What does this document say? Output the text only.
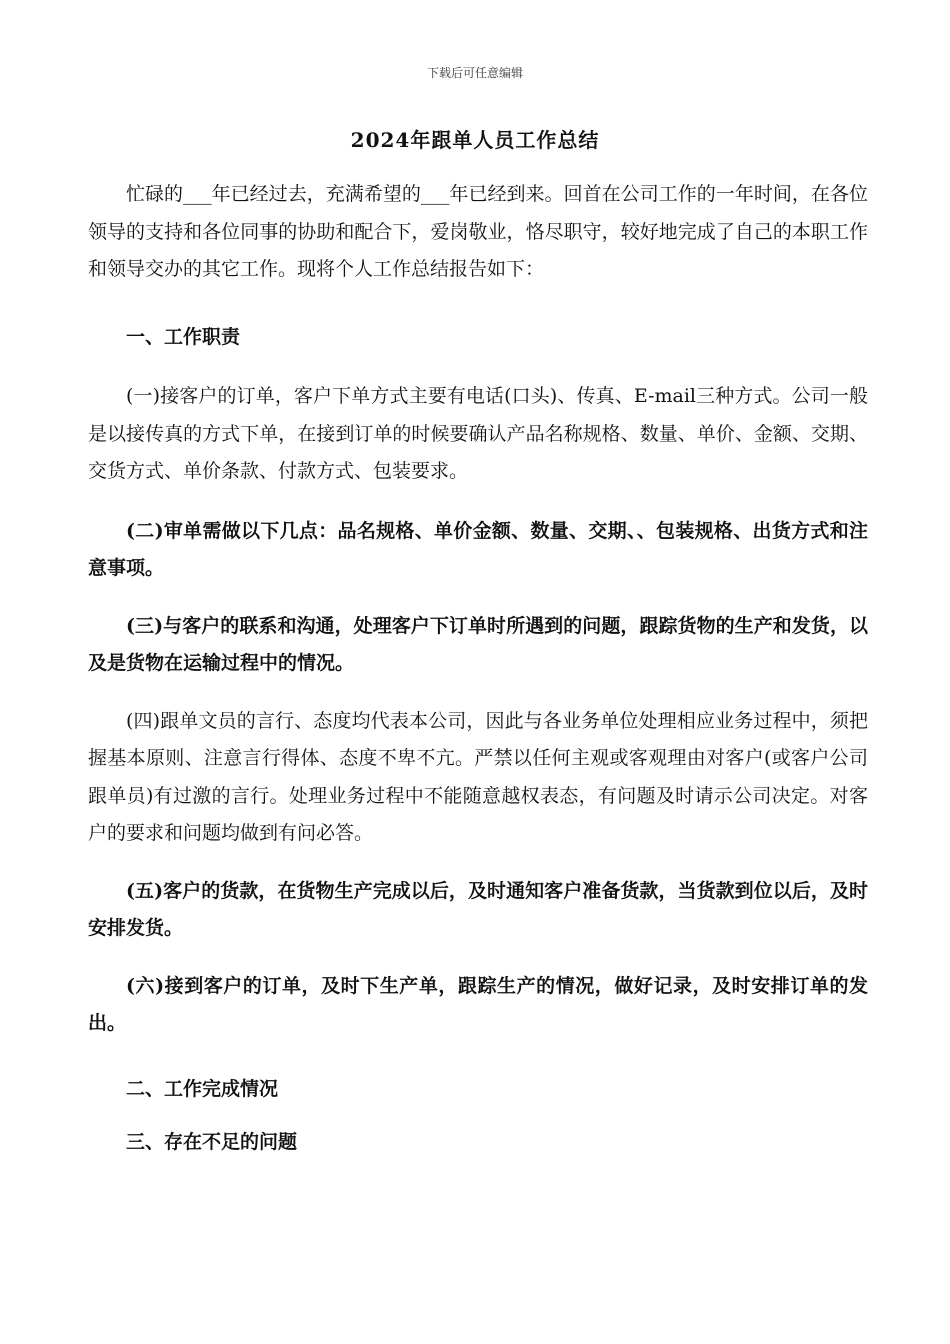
下载后可任意编辑
2024年跟单人员工作总结

忙碌的___年已经过去，充满希望的___年已经到来。回首在公司工作的一年时间，在各位领导的支持和各位同事的协助和配合下，爱岗敬业，恪尽职守，较好地完成了自己的本职工作和领导交办的其它工作。现将个人工作总结报告如下：

一、工作职责

(一)接客户的订单，客户下单方式主要有电话(口头)、传真、E-mail三种方式。公司一般是以接传真的方式下单，在接到订单的时候要确认产品名称规格、数量、单价、金额、交期、交货方式、单价条款、付款方式、包装要求。

(二)审单需做以下几点：品名规格、单价金额、数量、交期、、包装规格、出货方式和注意事项。

(三)与客户的联系和沟通，处理客户下订单时所遇到的问题，跟踪货物的生产和发货，以及是货物在运输过程中的情况。

(四)跟单文员的言行、态度均代表本公司，因此与各业务单位处理相应业务过程中，须把握基本原则、注意言行得体、态度不卑不亢。严禁以任何主观或客观理由对客户(或客户公司跟单员)有过激的言行。处理业务过程中不能随意越权表态，有问题及时请示公司决定。对客户的要求和问题均做到有问必答。

(五)客户的货款，在货物生产完成以后，及时通知客户准备货款，当货款到位以后，及时安排发货。

(六)接到客户的订单，及时下生产单，跟踪生产的情况，做好记录，及时安排订单的发出。

二、工作完成情况

三、存在不足的问题
